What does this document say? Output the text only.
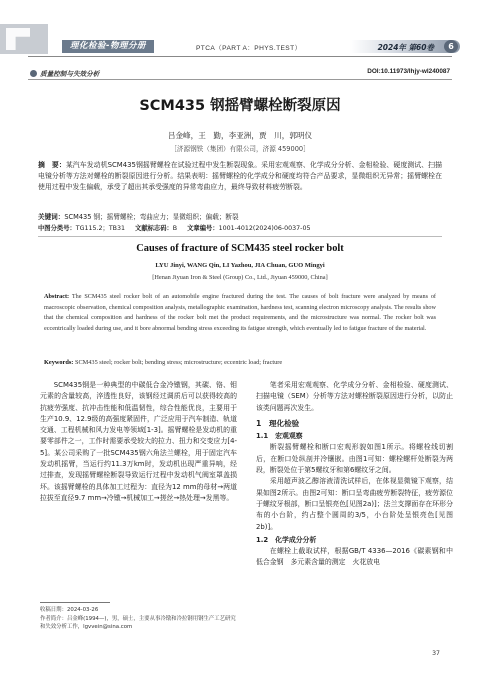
理化检验-物理分册	PTCA（PART A：PHYS.TEST）	2024年 第60卷	6
质量控制与失效分析	DOI:10.11973/lhjy-wl240087
SCM435 钢摇臂螺栓断裂原因
吕金峰，王　勤，李亚洲，贾　川，郭明仪
［济源钢铁（集团）有限公司，济源 459000］
摘　要：某汽车发动机SCM435钢摇臂螺栓在试验过程中发生断裂现象。采用宏观观察、化学成分分析、金相检验、硬度测试、扫描电镜分析等方法对螺栓的断裂原因进行分析。结果表明：摇臂螺栓的化学成分和硬度均符合产品要求，显微组织无异常；摇臂螺栓在使用过程中发生偏载，承受了超出其承受强度的异常弯曲应力，最终导致材料疲劳断裂。
关键词：SCM435 钢；摇臂螺栓；弯曲应力；显微组织；偏载；断裂
中图分类号：TG115.2；TB31 文献标志码：B 文章编号：1001-4012(2024)06-0037-05
Causes of fracture of SCM435 steel rocker bolt
LYU Jinyi, WANG Qin, LI Yazhou, JIA Chuan, GUO Mingyi
[Henan Jiyuan Iron & Steel (Group) Co., Ltd., Jiyuan 459000, China]
Abstract: The SCM435 steel rocker bolt of an automobile engine fractured during the test. The causes of bolt fracture were analyzed by means of macroscopic observation, chemical composition analysis, metallographic examination, hardness test, scanning electron microscopy analysis. The results show that the chemical composition and hardness of the rocker bolt met the product requirements, and the microstructure was normal. The rocker bolt was eccentrically loaded during use, and it bore abnormal bending stress exceeding its fatigue strength, which eventually led to fatigue fracture of the material.
Keywords: SCM435 steel; rocker bolt; bending stress; microstructure; eccentric load; fracture

SCM435钢是一种典型的中碳低合金冷镦钢，其碳、铬、钼元素的含量较高，淬透性良好，该钢经过调质后可以获得较高的抗疲劳强度、抗冲击性能和低温韧性，综合性能优良，主要用于生产10.9、12.9级的高强度紧固件，广泛应用于汽车制造、轨道交通、工程机械和风力发电等领域[1-3]。摇臂螺栓是发动机的重要零部件之一，工作时需要承受较大的拉力、扭力和交变应力[4-5]。某公司采购了一批SCM435钢六角法兰螺栓，用于固定汽车发动机摇臂，当运行约11.3万km时，发动机出现严重异响，经过排查，发现摇臂螺栓断裂导致运行过程中发动机气阀室罩盖损坏。该摇臂螺栓的具体加工过程为：直径为12 mm的母材→两道拉拔至直径9.7 mm→冷镦→机械加工→搓丝→热处理→发黑等。

笔者采用宏观观察、化学成分分析、金相检验、硬度测试、扫描电镜（SEM）分析等方法对螺栓断裂原因进行分析，以防止该类问题再次发生。

1　理化检验
1.1　宏观观察

断裂摇臂螺栓和断口宏观形貌如图1所示。将螺栓线切割后，在断口处纵剖并冷镶嵌。由图1可知：螺栓螺杆处断裂为两段，断裂处位于第5螺纹牙和第6螺纹牙之间。

采用超声波乙醇溶液清洗试样后，在体视显微镜下观察，结果如图2所示。由图2可知：断口呈弯曲疲劳断裂特征，疲劳源位于螺纹牙根部，断口呈银亮色[见图2a)]；法兰支撑面存在环形分布的小台阶，约占整个圆周的3/5，小台阶处呈银亮色[见图2b)]。

1.2　化学成分分析

在螺栓上截取试样，根据GB/T 4336—2016《碳素钢和中低合金钢　多元素含量的测定　火花放电

收稿日期：2024-03-26
作者简介：吕金峰(1994—)，男，硕士，主要从事冷镦和冷拉钢用钢生产工艺研究和失效分析工作，lgvvein@sina.com
37
